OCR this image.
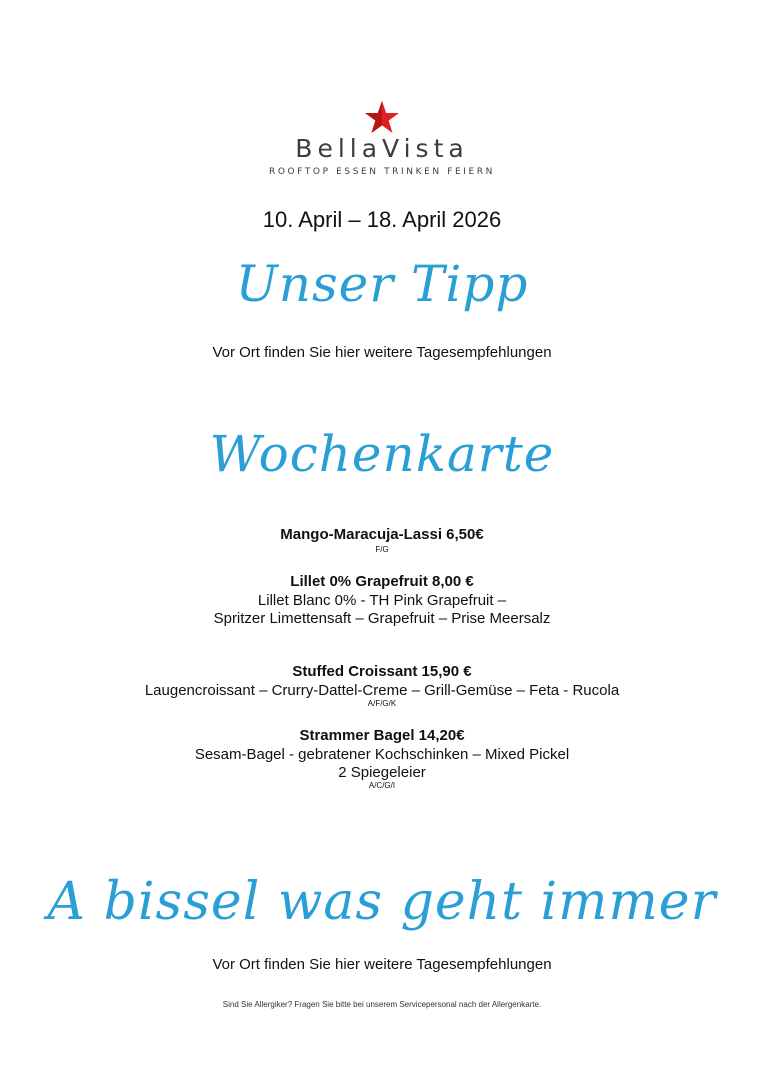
BellaVista
ROOFTOP ESSEN TRINKEN FEIERN
10. April – 18. April 2026
Unser Tipp
Vor Ort finden Sie hier weitere Tagesempfehlungen
Wochenkarte
Mango-Maracuja-Lassi 6,50€
F/G
Lillet 0% Grapefruit 8,00 €
Lillet Blanc 0% - TH Pink Grapefruit –
Spritzer Limettensaft – Grapefruit – Prise Meersalz
Stuffed Croissant 15,90 €
Laugencroissant – Crurry-Dattel-Creme – Grill-Gemüse – Feta - Rucola
A/F/G/K
Strammer Bagel 14,20€
Sesam-Bagel - gebratener Kochschinken – Mixed Pickel
2 Spiegeleier
A/C/G/I
A bissel was geht immer
Vor Ort finden Sie hier weitere Tagesempfehlungen
Sind Sie Allergiker? Fragen Sie bitte bei unserem Servicepersonal nach der Allergenkarte.
